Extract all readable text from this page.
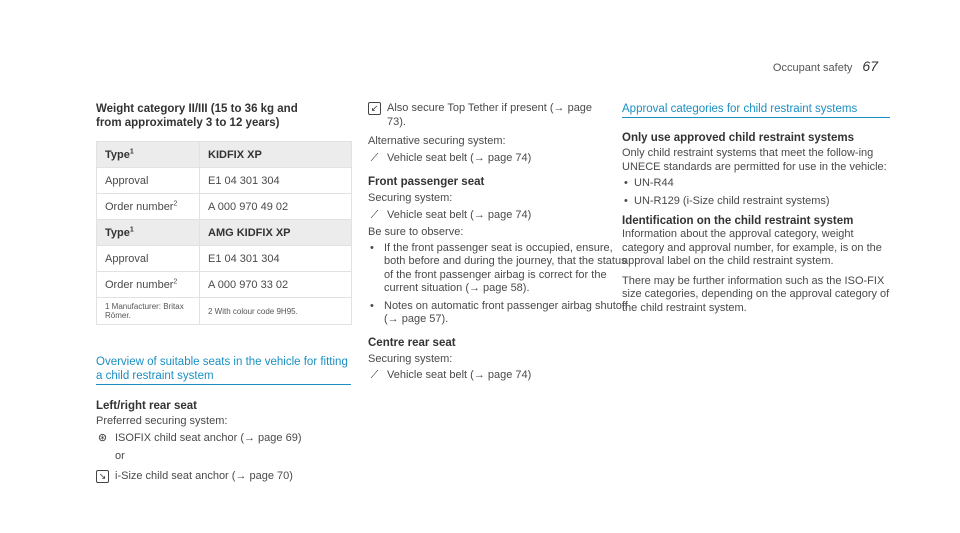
Occupant safety 67
Weight category II/III (15 to 36 kg and from approximately 3 to 12 years)
Type$^1$	KIDFIX XP
Approval	E1 04 301 304
Order number$^2$	A 000 970 49 02
Type$^1$	AMG KIDFIX XP
Approval	E1 04 301 304
Order number$^2$	A 000 970 33 02
1 Manufacturer: Britax Römer.	2 With colour code 9H95.
Overview of suitable seats in the vehicle for fitting a child restraint system
Left/right rear seat
Preferred securing system:
⊛ ISOFIX child seat anchor (→ page 69)
or
↘ i-Size child seat anchor (→ page 70)
↙ Also secure Top Tether if present (→ page 73).
Alternative securing system:
⟋ Vehicle seat belt (→ page 74)
Front passenger seat
Securing system:
⟋ Vehicle seat belt (→ page 74)
Be sure to observe:
• If the front passenger seat is occupied, ensure, both before and during the journey, that the status of the front passenger airbag is correct for the current situation (→ page 58).
• Notes on automatic front passenger airbag shutoff (→ page 57).
Centre rear seat
Securing system:
⟋ Vehicle seat belt (→ page 74)
Approval categories for child restraint systems
Only use approved child restraint systems
Only child restraint systems that meet the follow-ing UNECE standards are permitted for use in the vehicle:
• UN-R44
• UN-R129 (i-Size child restraint systems)
Identification on the child restraint system
Information about the approval category, weight category and approval number, for example, is on the approval label on the child restraint system.
There may be further information such as the ISO-FIX size categories, depending on the approval category of the child restraint system.
